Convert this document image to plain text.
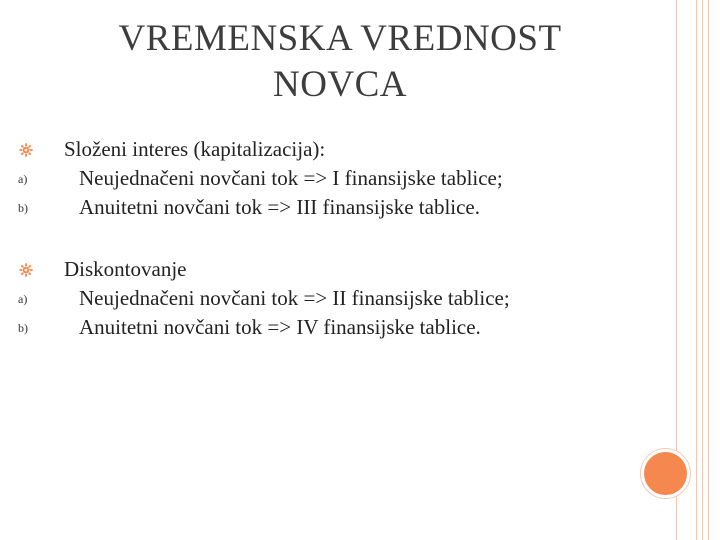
VREMENSKA VREDNOST
NOVCA
Složeni interes (kapitalizacija):
a) Neujednačeni novčani tok => I finansijske tablice;
b) Anuitetni novčani tok => III finansijske tablice.
Diskontovanje
a) Neujednačeni novčani tok => II finansijske tablice;
b) Anuitetni novčani tok => IV finansijske tablice.
